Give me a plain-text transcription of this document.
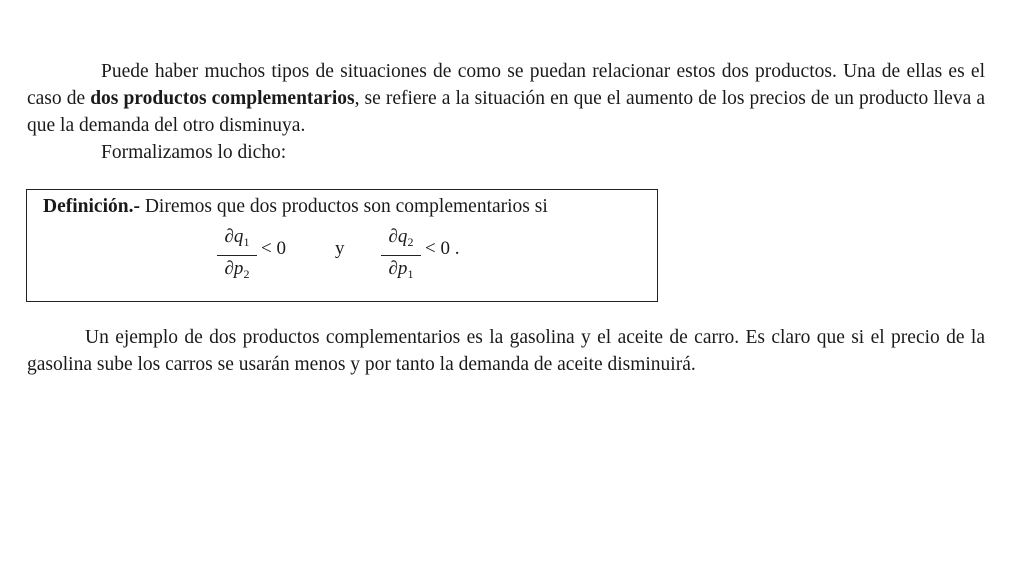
Puede haber muchos tipos de situaciones de como se puedan relacionar estos dos productos. Una de ellas es el caso de dos productos complementarios, se refiere a la situación en que el aumento de los precios de un producto lleva a que la demanda del otro disminuya.

Formalizamos lo dicho:

Definición.- Diremos que dos productos son complementarios si
$\partial q_1$
$\partial p_2$
< 0	y
$\partial q_2$
$\partial p_1$
< 0 .

Un ejemplo de dos productos complementarios es la gasolina y el aceite de carro. Es claro que si el precio de la gasolina sube los carros se usarán menos y por tanto la demanda de aceite disminuirá.
